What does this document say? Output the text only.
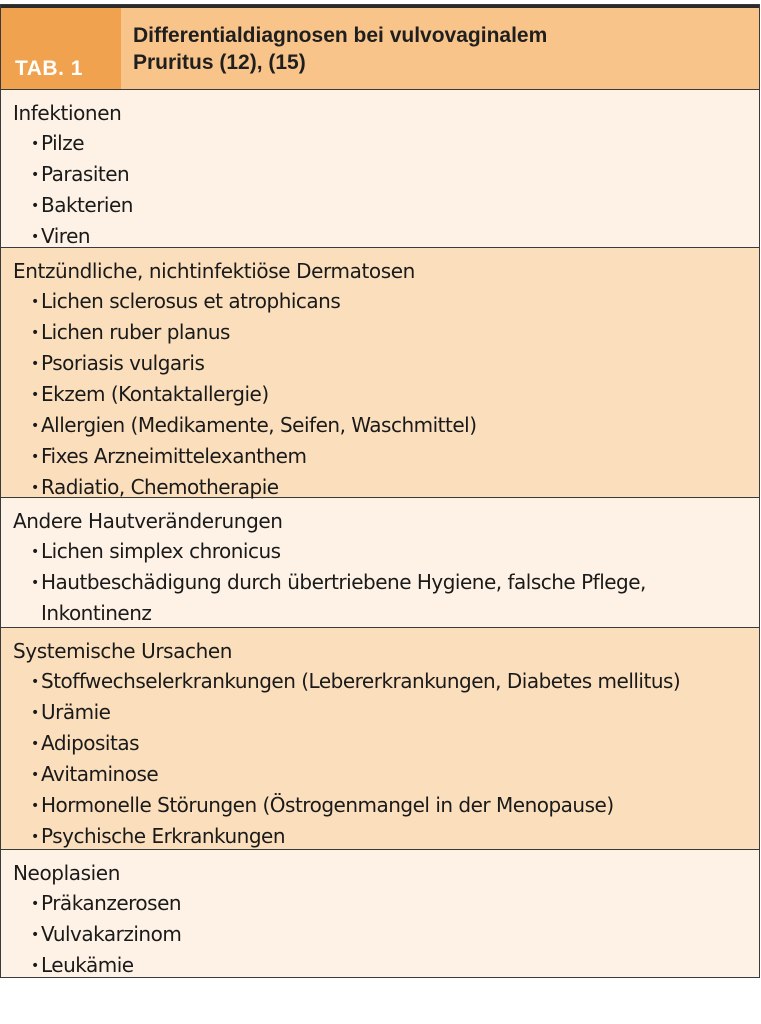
TAB. 1
Differentialdiagnosen bei vulvovaginalem
Pruritus (12), (15)
Infektionen
• Pilze
• Parasiten
• Bakterien
• Viren
Entzündliche, nichtinfektiöse Dermatosen
• Lichen sclerosus et atrophicans
• Lichen ruber planus
• Psoriasis vulgaris
• Ekzem (Kontaktallergie)
• Allergien (Medikamente, Seifen, Waschmittel)
• Fixes Arzneimittelexanthem
• Radiatio, Chemotherapie
Andere Hautveränderungen
• Lichen simplex chronicus
• Hautbeschädigung durch übertriebene Hygiene, falsche Pflege, Inkontinenz
Systemische Ursachen
• Stoffwechselerkrankungen (Lebererkrankungen, Diabetes mellitus)
• Urämie
• Adipositas
• Avitaminose
• Hormonelle Störungen (Östrogenmangel in der Menopause)
• Psychische Erkrankungen
Neoplasien
• Präkanzerosen
• Vulvakarzinom
• Leukämie
